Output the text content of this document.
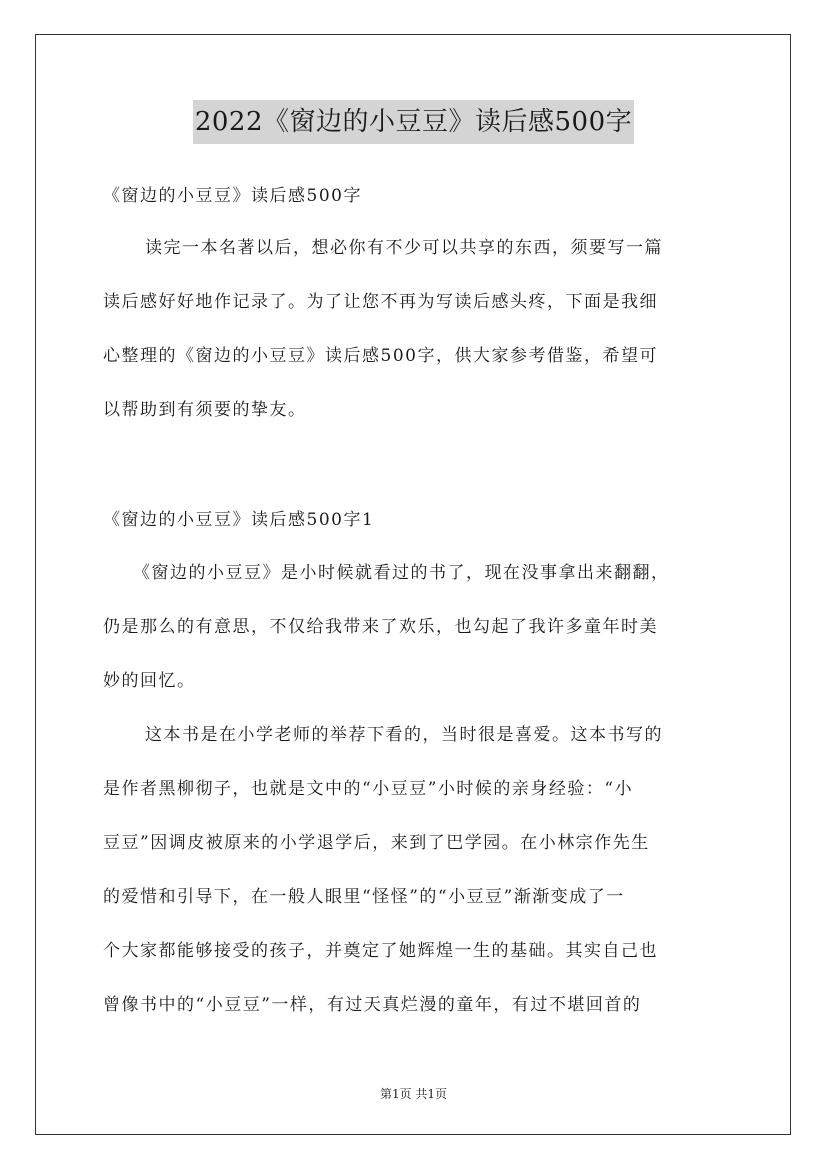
2022《窗边的小豆豆》读后感500字
《窗边的小豆豆》读后感500字
读完一本名著以后，想必你有不少可以共享的东西，须要写一篇
读后感好好地作记录了。为了让您不再为写读后感头疼，下面是我细
心整理的《窗边的小豆豆》读后感500字，供大家参考借鉴，希望可
以帮助到有须要的挚友。
《窗边的小豆豆》读后感500字1
《窗边的小豆豆》是小时候就看过的书了，现在没事拿出来翻翻，
仍是那么的有意思，不仅给我带来了欢乐，也勾起了我许多童年时美
妙的回忆。
这本书是在小学老师的举荐下看的，当时很是喜爱。这本书写的
是作者黑柳彻子，也就是文中的“小豆豆”小时候的亲身经验：“小
豆豆”因调皮被原来的小学退学后，来到了巴学园。在小林宗作先生
的爱惜和引导下，在一般人眼里“怪怪”的“小豆豆”渐渐变成了一
个大家都能够接受的孩子，并奠定了她辉煌一生的基础。其实自己也
曾像书中的“小豆豆”一样，有过天真烂漫的童年，有过不堪回首的
第1页 共1页
